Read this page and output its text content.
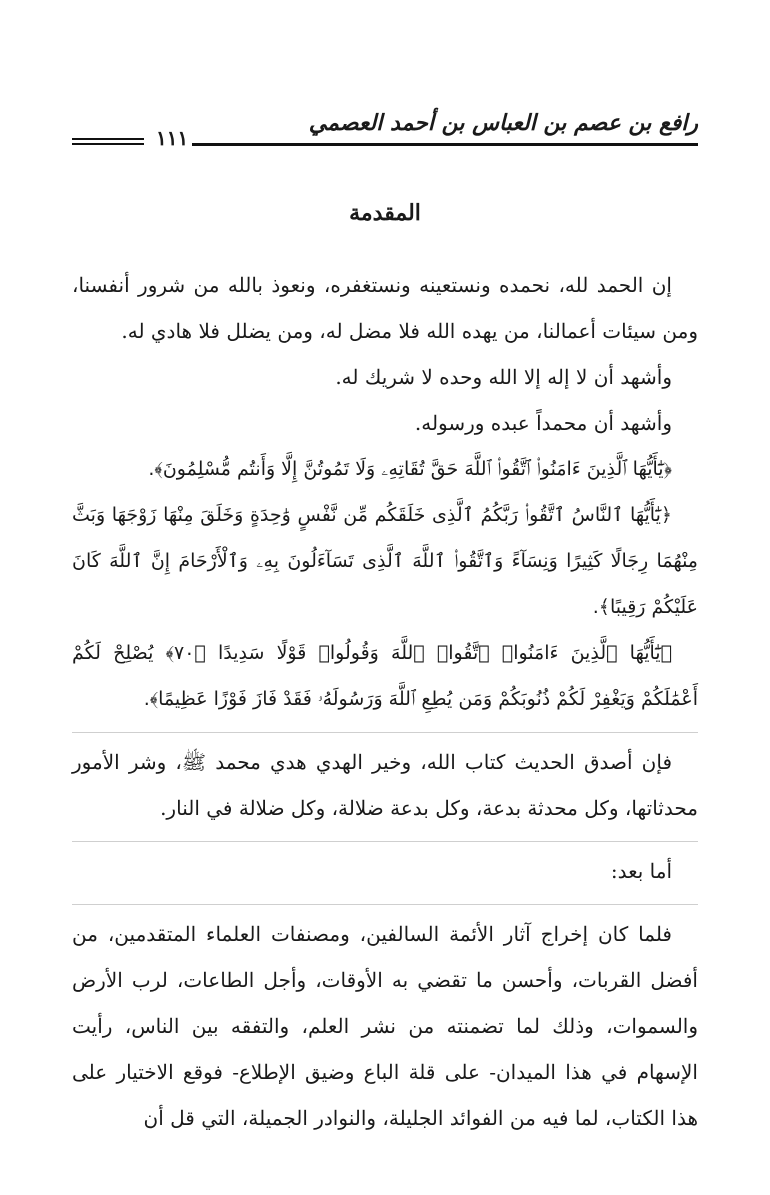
رافع بن عصم بن العباس بن أحمد العصمي
١١١
المقدمة

إن الحمد لله، نحمده ونستعينه ونستغفره، ونعوذ بالله من شرور أنفسنا، ومن سيئات أعمالنا، من يهده الله فلا مضل له، ومن يضلل فلا هادي له.

وأشهد أن لا إله إلا الله وحده لا شريك له.

وأشهد أن محمداً عبده ورسوله.

﴿يَٰٓأَيُّهَا ٱلَّذِينَ ءَامَنُوا۟ ٱتَّقُوا۟ ٱللَّهَ حَقَّ تُقَاتِهِۦ وَلَا تَمُوتُنَّ إِلَّا وَأَنتُم مُّسْلِمُونَ﴾.

﴿يَٰٓأَيُّهَا ٱلنَّاسُ ٱتَّقُوا۟ رَبَّكُمُ ٱلَّذِى خَلَقَكُم مِّن نَّفْسٍ وَٰحِدَةٍ وَخَلَقَ مِنْهَا زَوْجَهَا وَبَثَّ مِنْهُمَا رِجَالًا كَثِيرًا وَنِسَآءً وَٱتَّقُوا۟ ٱللَّهَ ٱلَّذِى تَسَآءَلُونَ بِهِۦ وَٱلْأَرْحَامَ إِنَّ ٱللَّهَ كَانَ عَلَيْكُمْ رَقِيبًا﴾.

﴿يَٰٓأَيُّهَا ٱلَّذِينَ ءَامَنُوا۟ ٱتَّقُوا۟ ٱللَّهَ وَقُولُوا۟ قَوْلًا سَدِيدًا ﴿٧٠﴾ يُصْلِحْ لَكُمْ أَعْمَٰلَكُمْ وَيَغْفِرْ لَكُمْ ذُنُوبَكُمْ وَمَن يُطِعِ ٱللَّهَ وَرَسُولَهُۥ فَقَدْ فَازَ فَوْزًا عَظِيمًا﴾.

فإن أصدق الحديث كتاب الله، وخير الهدي هدي محمد ﷺ، وشر الأمور محدثاتها، وكل محدثة بدعة، وكل بدعة ضلالة، وكل ضلالة في النار.

أما بعد:

فلما كان إخراج آثار الأئمة السالفين، ومصنفات العلماء المتقدمين، من أفضل القربات، وأحسن ما تقضي به الأوقات، وأجل الطاعات، لرب الأرض والسموات، وذلك لما تضمنته من نشر العلم، والتفقه بين الناس، رأيت الإسهام في هذا الميدان- على قلة الباع وضيق الإطلاع- فوقع الاختيار على هذا الكتاب، لما فيه من الفوائد الجليلة، والنوادر الجميلة، التي قل أن
